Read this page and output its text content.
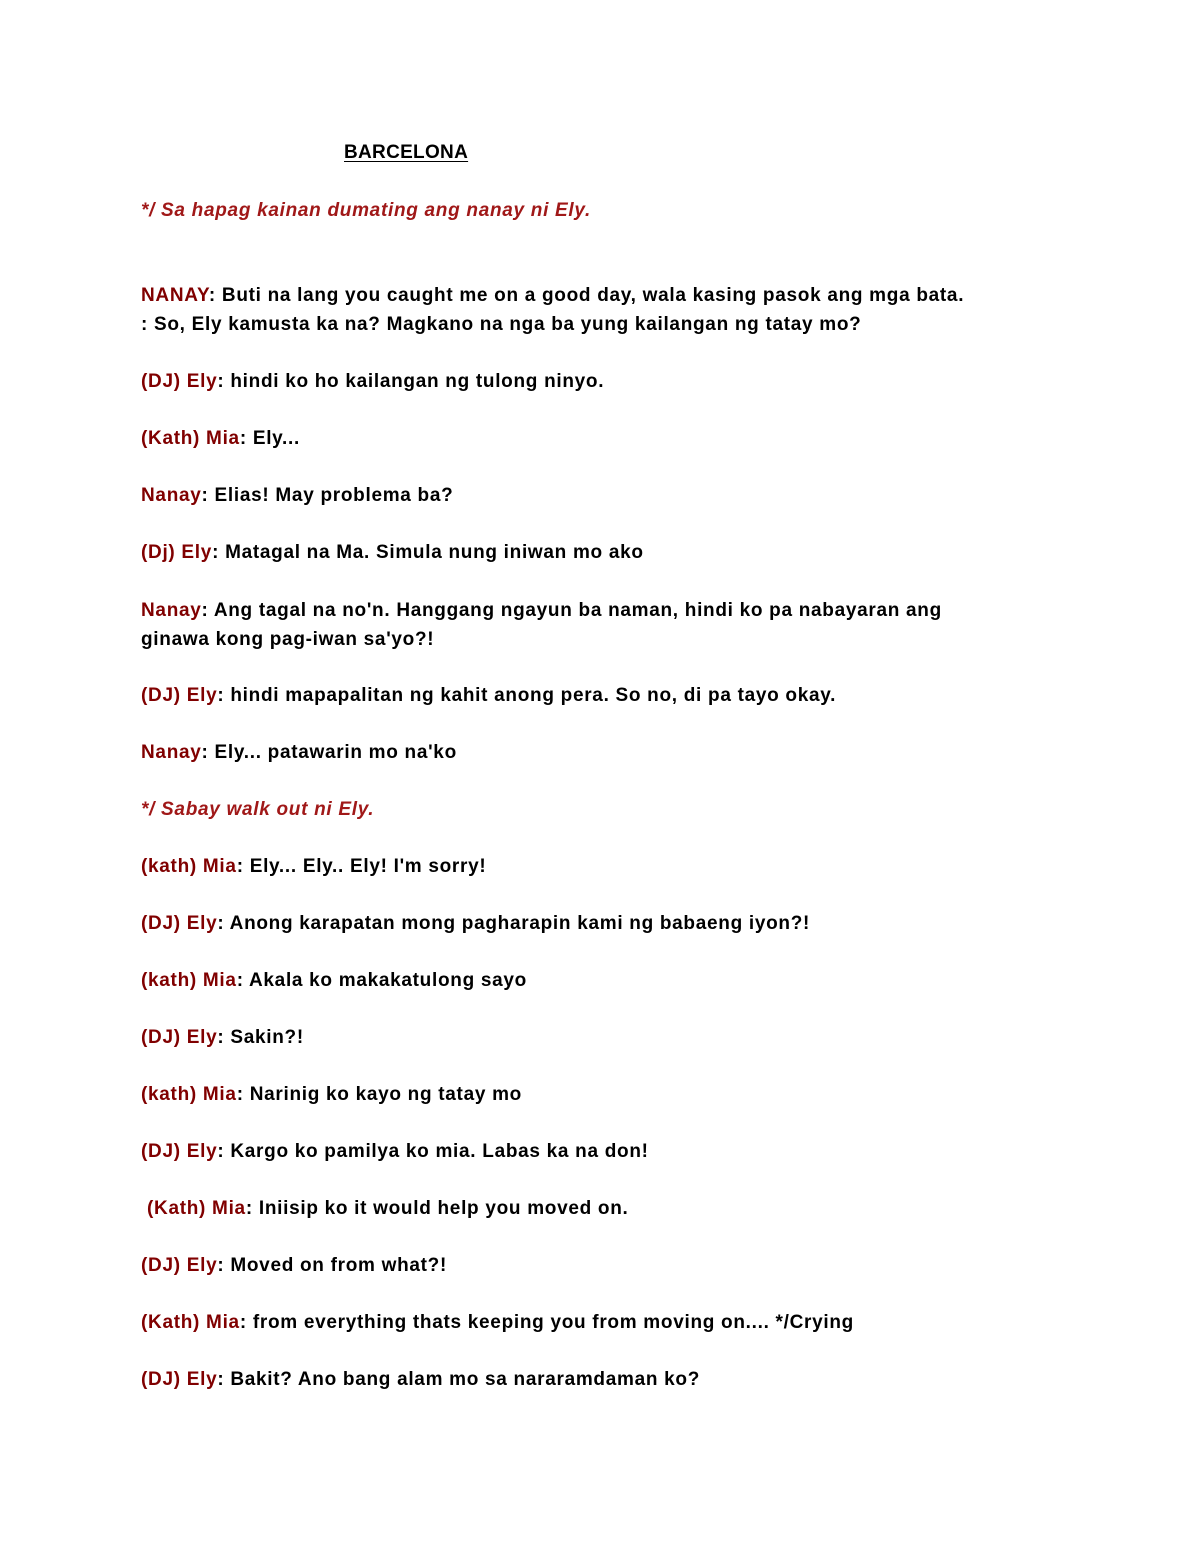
BARCELONA
*/ Sa hapag kainan dumating ang nanay ni Ely.
NANAY: Buti na lang you caught me on a good day, wala kasing pasok ang mga bata.
: So, Ely kamusta ka na? Magkano na nga ba yung kailangan ng tatay mo?
(DJ) Ely: hindi ko ho kailangan ng tulong ninyo.
(Kath) Mia: Ely...
Nanay: Elias! May problema ba?
(Dj) Ely: Matagal na Ma. Simula nung iniwan mo ako
Nanay: Ang tagal na no'n. Hanggang ngayun ba naman, hindi ko pa nabayaran ang
ginawa kong pag-iwan sa'yo?!
(DJ) Ely: hindi mapapalitan ng kahit anong pera. So no, di pa tayo okay.
Nanay: Ely... patawarin mo na'ko
*/ Sabay walk out ni Ely.
(kath) Mia: Ely... Ely.. Ely! I'm sorry!
(DJ) Ely: Anong karapatan mong pagharapin kami ng babaeng iyon?!
(kath) Mia: Akala ko makakatulong sayo
(DJ) Ely: Sakin?!
(kath) Mia: Narinig ko kayo ng tatay mo
(DJ) Ely: Kargo ko pamilya ko mia. Labas ka na don!
(Kath) Mia: Iniisip ko it would help you moved on.
(DJ) Ely: Moved on from what?!
(Kath) Mia: from everything thats keeping you from moving on.... */Crying
(DJ) Ely: Bakit? Ano bang alam mo sa nararamdaman ko?
